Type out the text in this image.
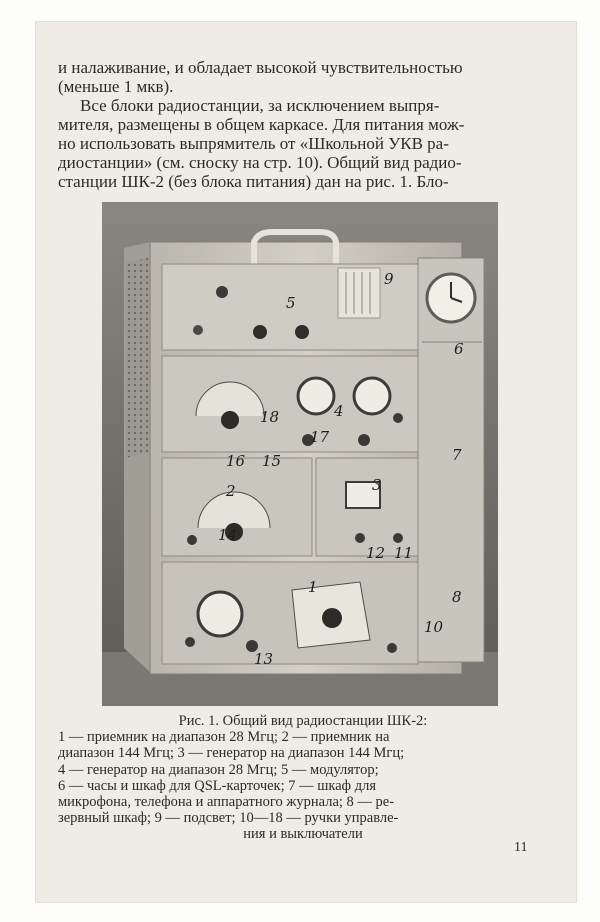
и налаживание, и обладает высокой чувствительностью
(меньше 1 мкв).
Все блоки радиостанции, за исключением выпря-
мителя, размещены в общем каркасе. Для питания мож-
но использовать выпрямитель от «Школьной УКВ ра-
диостанции» (см. сноску на стр. 10). Общий вид радио-
станции ШК-2 (без блока питания) дан на рис. 1. Бло-
1
2	3
4
5
6
7
8
9
10
11
12
13
14
15
16
17
18
Рис. 1. Общий вид радиостанции ШК-2:
1 — приемник на диапазон 28 Мгц; 2 — приемник на
диапазон 144 Мгц; 3 — генератор на диапазон 144 Мгц;
4 — генератор на диапазон 28 Мгц; 5 — модулятор;
6 — часы и шкаф для QSL-карточек; 7 — шкаф для
микрофона, телефона и аппаратного журнала; 8 — ре-
зервный шкаф; 9 — подсвет; 10—18 — ручки управле-
ния и выключатели
11
